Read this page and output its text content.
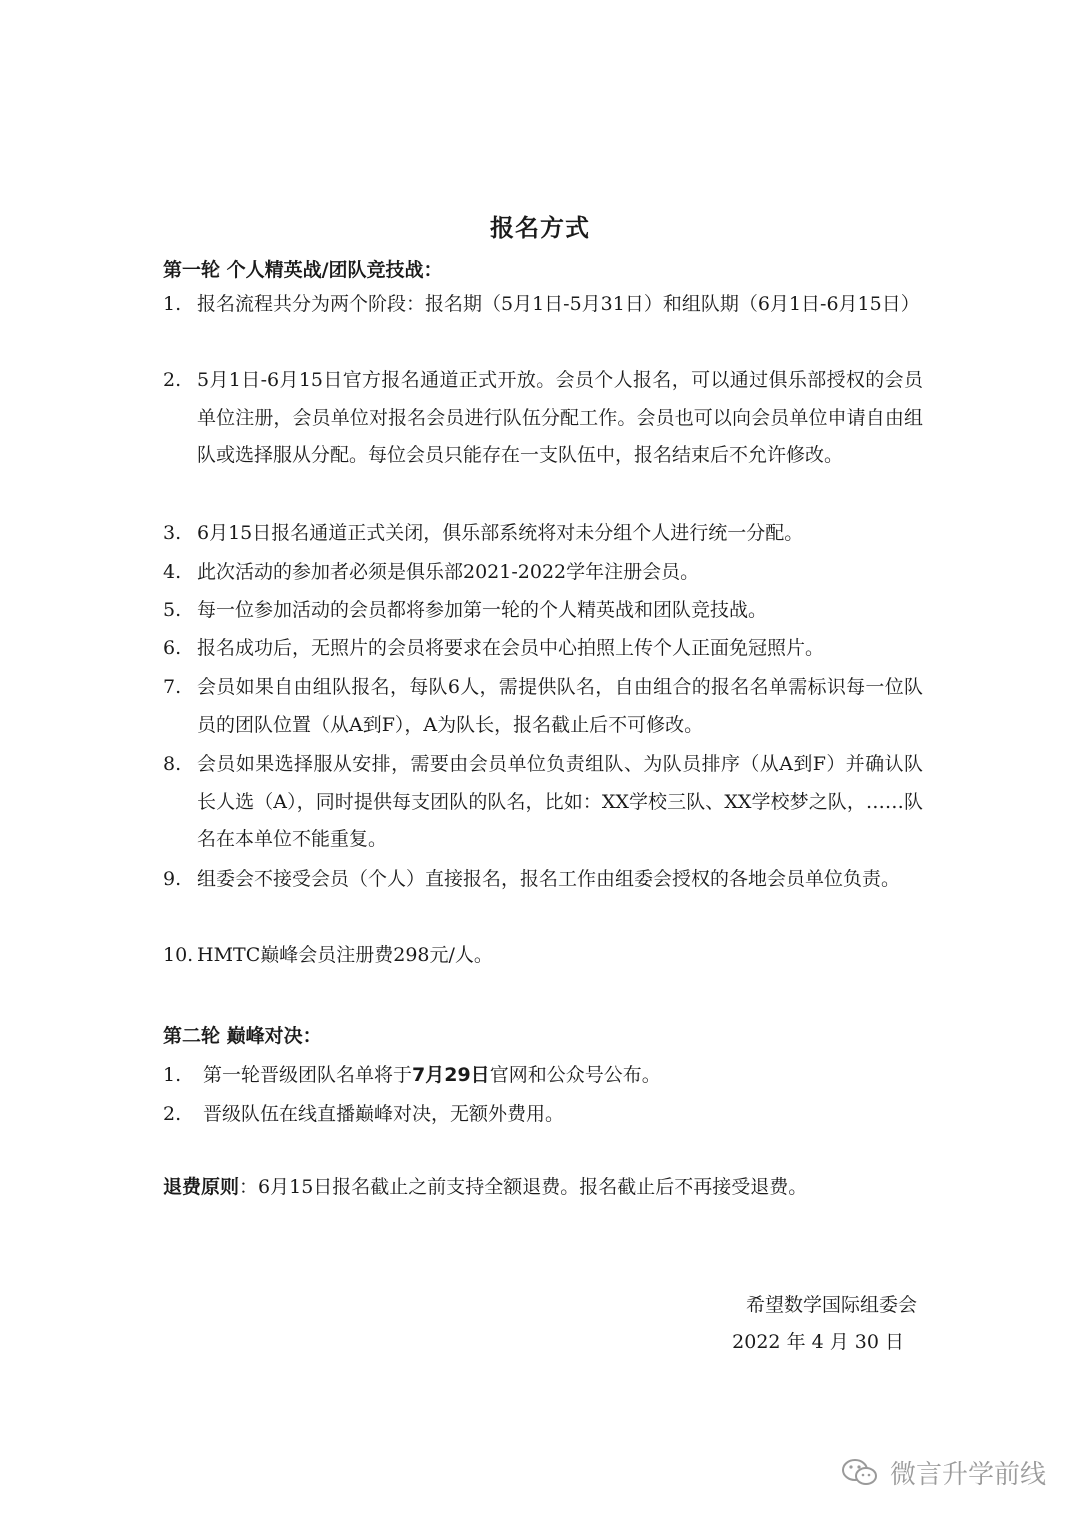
报名方式
第一轮 个人精英战/团队竞技战：
1. 报名流程共分为两个阶段：报名期（5月1日-5月31日）和组队期（6月1日-6月15日）
2. 5月1日-6月15日官方报名通道正式开放。会员个人报名，可以通过俱乐部授权的会员单位注册，会员单位对报名会员进行队伍分配工作。会员也可以向会员单位申请自由组队或选择服从分配。每位会员只能存在一支队伍中，报名结束后不允许修改。
3. 6月15日报名通道正式关闭，俱乐部系统将对未分组个人进行统一分配。
4. 此次活动的参加者必须是俱乐部2021-2022学年注册会员。
5. 每一位参加活动的会员都将参加第一轮的个人精英战和团队竞技战。
6. 报名成功后，无照片的会员将要求在会员中心拍照上传个人正面免冠照片。
7. 会员如果自由组队报名，每队6人，需提供队名，自由组合的报名名单需标识每一位队员的团队位置（从A到F），A为队长，报名截止后不可修改。
8. 会员如果选择服从安排，需要由会员单位负责组队、为队员排序（从A到F）并确认队长人选（A），同时提供每支团队的队名，比如：XX学校三队、XX学校梦之队，……队名在本单位不能重复。
9. 组委会不接受会员（个人）直接报名，报名工作由组委会授权的各地会员单位负责。
10. HMTC巅峰会员注册费298元/人。
第二轮 巅峰对决：
1. 第一轮晋级团队名单将于7月29日官网和公众号公布。
2. 晋级队伍在线直播巅峰对决，无额外费用。
退费原则：6月15日报名截止之前支持全额退费。报名截止后不再接受退费。
希望数学国际组委会
2022 年 4 月 30 日
微言升学前线
